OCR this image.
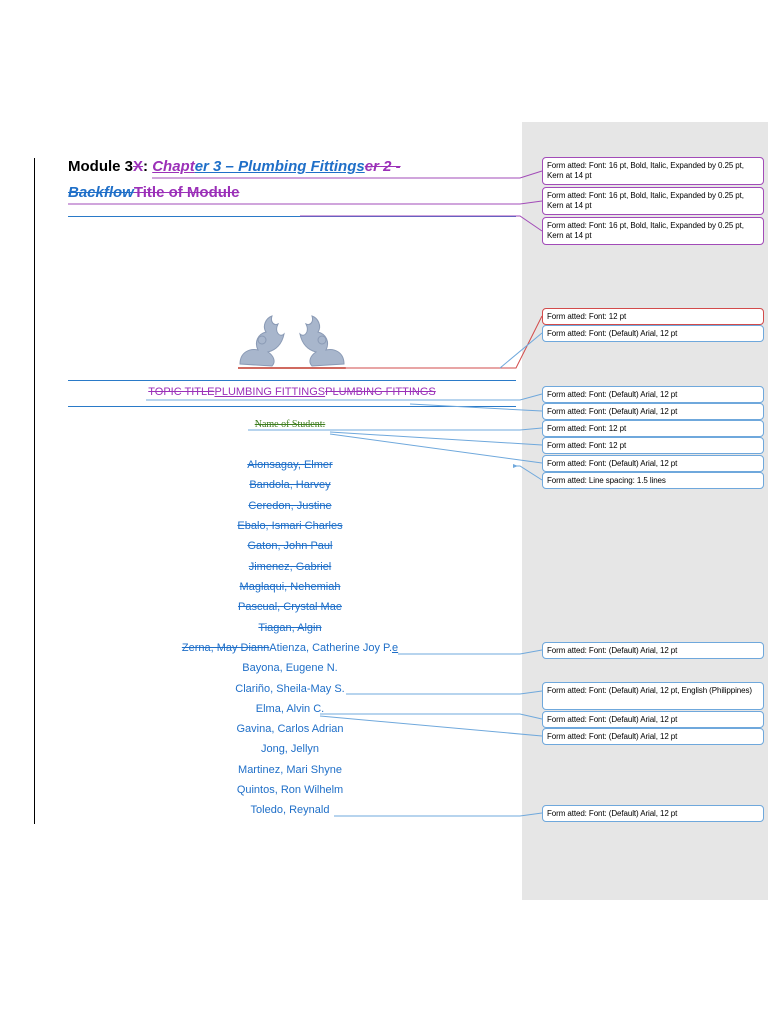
Module 3X: Chapter 3 – Plumbing Fittingser 2 -
BackflowTitle of Module
TOPIC TITLEPLUMBING FITTINGSPLUMBING FITTINGS
Name of Student:
Alonsagay, Elmer
Bandola, Harvey
Ceredon, Justine
Ebalo, Ismari Charles
Gaton, John Paul
Jimenez, Gabriel
Maglaqui, Nehemiah
Pascual, Crystal Mae
Tiagan, Algin
Zerna, May DiannAtienza, Catherine Joy P.e
Bayona, Eugene N.
Clariño, Sheila-May S.
Elma, Alvin C.
Gavina, Carlos Adrian
Jong, Jellyn
Martinez, Mari Shyne
Quintos, Ron Wilhelm
Toledo, Reynald
Form atted: Font: 16 pt, Bold, Italic, Expanded by 0.25 pt, Kern at 14 pt
Form atted: Font: 16 pt, Bold, Italic, Expanded by 0.25 pt, Kern at 14 pt
Form atted: Font: 16 pt, Bold, Italic, Expanded by 0.25 pt, Kern at 14 pt
Form atted: Font: 12 pt
Form atted: Font: (Default) Arial, 12 pt
Form atted: Font: (Default) Arial, 12 pt
Form atted: Font: (Default) Arial, 12 pt
Form atted: Font: 12 pt
Form atted: Font: 12 pt
Form atted: Font: (Default) Arial, 12 pt
Form atted: Line spacing: 1.5 lines
Form atted: Font: (Default) Arial, 12 pt
Form atted: Font: (Default) Arial, 12 pt, English (Philippines)
Form atted: Font: (Default) Arial, 12 pt
Form atted: Font: (Default) Arial, 12 pt
Form atted: Font: (Default) Arial, 12 pt
